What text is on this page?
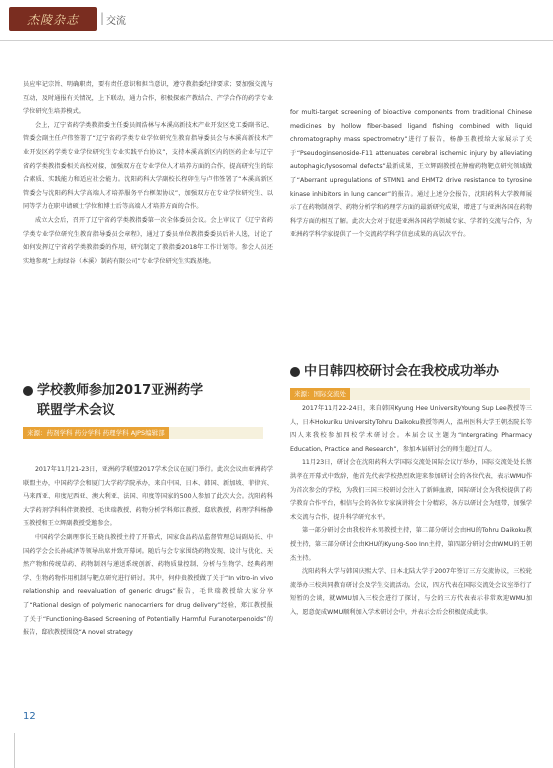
杰陵杂志	| 交流

员应牢记宗旨、明确职责，要有责任意识和担当意识，遵守教指委纪律要求；要加强交流与互动，及时通报有关情况，上下联动，通力合作，积极探索产教结合、产学合作的药学专业学位研究生培养模式。

会上，辽宁省药学类教指委主任委员阎浩林与本溪高新技术产业开发区党工委副书记、管委会副主任卢伟签署了“辽宁省药学类专业学位研究生教育指导委员会与本溪高新技术产业开发区药学类专业学位研究生专业实践平台协议”，支持本溪高新区内的医药企业与辽宁省药学类教指委相关高校对接，加强双方在专业学位人才培养方面的合作，提高研究生的综合素质、实践能力和适应社会能力。沈阳药科大学副校长程卯生与卢伟签署了“本溪高新区管委会与沈阳药科大学高端人才培养服务平台框架协议”，加强双方在专业学位研究生、以同等学力在职申请硕士学位和博士后等高端人才培养方面的合作。

成立大会后，召开了辽宁省药学类教指委第一次全体委员会议。会上审议了《辽宁省药学类专业学位研究生教育指导委员会章程》，通过了委员单位教指委委员后补人选，讨论了如何发挥辽宁省药学类教指委的作用，研究制定了教指委2018年工作计划等。参会人员还实地参观“上海绿谷（本溪）制药有限公司”专业学位研究生实践基地。

for multi-target screening of bioactive components from traditional Chinese medicines by hollow fiber-based ligand fishing combined with liquid chromatography mass spectrometry”进行了报告，杨静玉教授给大家展示了关于“Pseudoginsenoside-F11 attenuates cerebral ischemic injury by alleviating autophagic/lysosomal defects”最新成果，王立辉副教授在肿瘤药物靶点研究领域做了“Aberrant upregulations of STMN1 and EHMT2 drive resistance to tyrosine kinase inhibitors in lung cancer”的报告。通过上述分会报告，沈阳药科大学教师展示了在药物制剂学、药物分析学和药理学方面的最新研究成果，增进了与亚洲各国在药物科学方面的相互了解。此次大会对于促进亚洲各国药学领域专家、学者的交流与合作，为亚洲药学科学家提供了一个交流药学科学信息成果的高层次平台。

学校教师参加2017亚洲药学
联盟学术会议
来源：药剂学科 药分学科 药理学科 AJPS编辑部

2017年11月21-23日，亚洲药学联盟2017学术会议在厦门举行。此次会议由亚洲药学联盟主办，中国药学会和厦门大学药学院承办，来自中国、日本、韩国、新加坡、菲律宾、马来西亚、印度尼西亚、澳大利亚、法国、印度等国家的500人参加了此次大会。沈阳药科大学药剂学科科伴贤教授、毛世瑞教授、药物分析学科郑江教授、邸欣教授，药理学科杨静玉教授和王立辉副教授受邀参会。

中国药学会副理事长王晓良教授主持了开幕式，国家食品药品监督管理总局副局长、中国药学会会长孙咸泽等领导出席并致开幕词。随后与会专家围绕药物发现、设计与优化、天然产物和传统草药、药物制剂与递送系统创新、药物质量控制、分析与生物学、经典药理学、生物药物作用机制与靶点研究进行研讨。其中，何仲贵教授做了关于“In vitro-in vivo relationship and reevaluation of generic drugs”报告，毛世瑞教授给大家分享了“Rational design of polymeric nanocarriers for drug delivery”经验，郑江教授报了关于“Functioning-Based Screening of Potentially Harmful Furanoterpenoids”的报告，邸欣教授围绕“A novel strategy

中日韩四校研讨会在我校成功举办
来源：国际交流处

2017年11月22-24日，来自韩国Kyung Hee UniversityYoung Sup Lee教授等三人，日本Hokuriku UniversityTohru Daikoku教授等两人，温州医科大学王朝杰院长等四人来我校参加四校学术研讨会。本届会议主题为“Intergrating Pharmacy Education, Practice and Research”，参加本届研讨会的师生超过百人。

11月23日，研讨会在沈阳药科大学国际交流处国际会议厅举办，国际交流处处长蔡洪孝在开幕式中致辞，他首先代表学校热烈欢迎来参加研讨会的各位代表，表示WMU作为首次参会的学校，为我们三国三校研讨会注入了新鲜血液，国际研讨会为我校提供了药学教育合作平台，相信与会的各位专家演讲将会十分精彩，各方以研讨会为纽带，加强学术交流与合作，提升科学研究水平。

第一部分研讨会由我校许永男教授主持，第二部分研讨会由HU的Tohru Daikoku教授主持，第三部分研讨会由KHU的Kyung-Soo Inn主持，第四部分研讨会由WMU的王朝杰主持。

沈阳药科大学与韩国庆熙大学、日本北陆大学于2007年签订三方交流协议，三校轮流举办三校共同教育研讨会及学生交流活动。会议，四方代表在国际交流处会议室举行了短暂的会谈，就WMU加入三校会进行了探讨，与会的三方代表表示非常欢迎WMU加入，愿意促成WMU顺利加入学术研讨会中，并表示会后会积极促成此事。

12
